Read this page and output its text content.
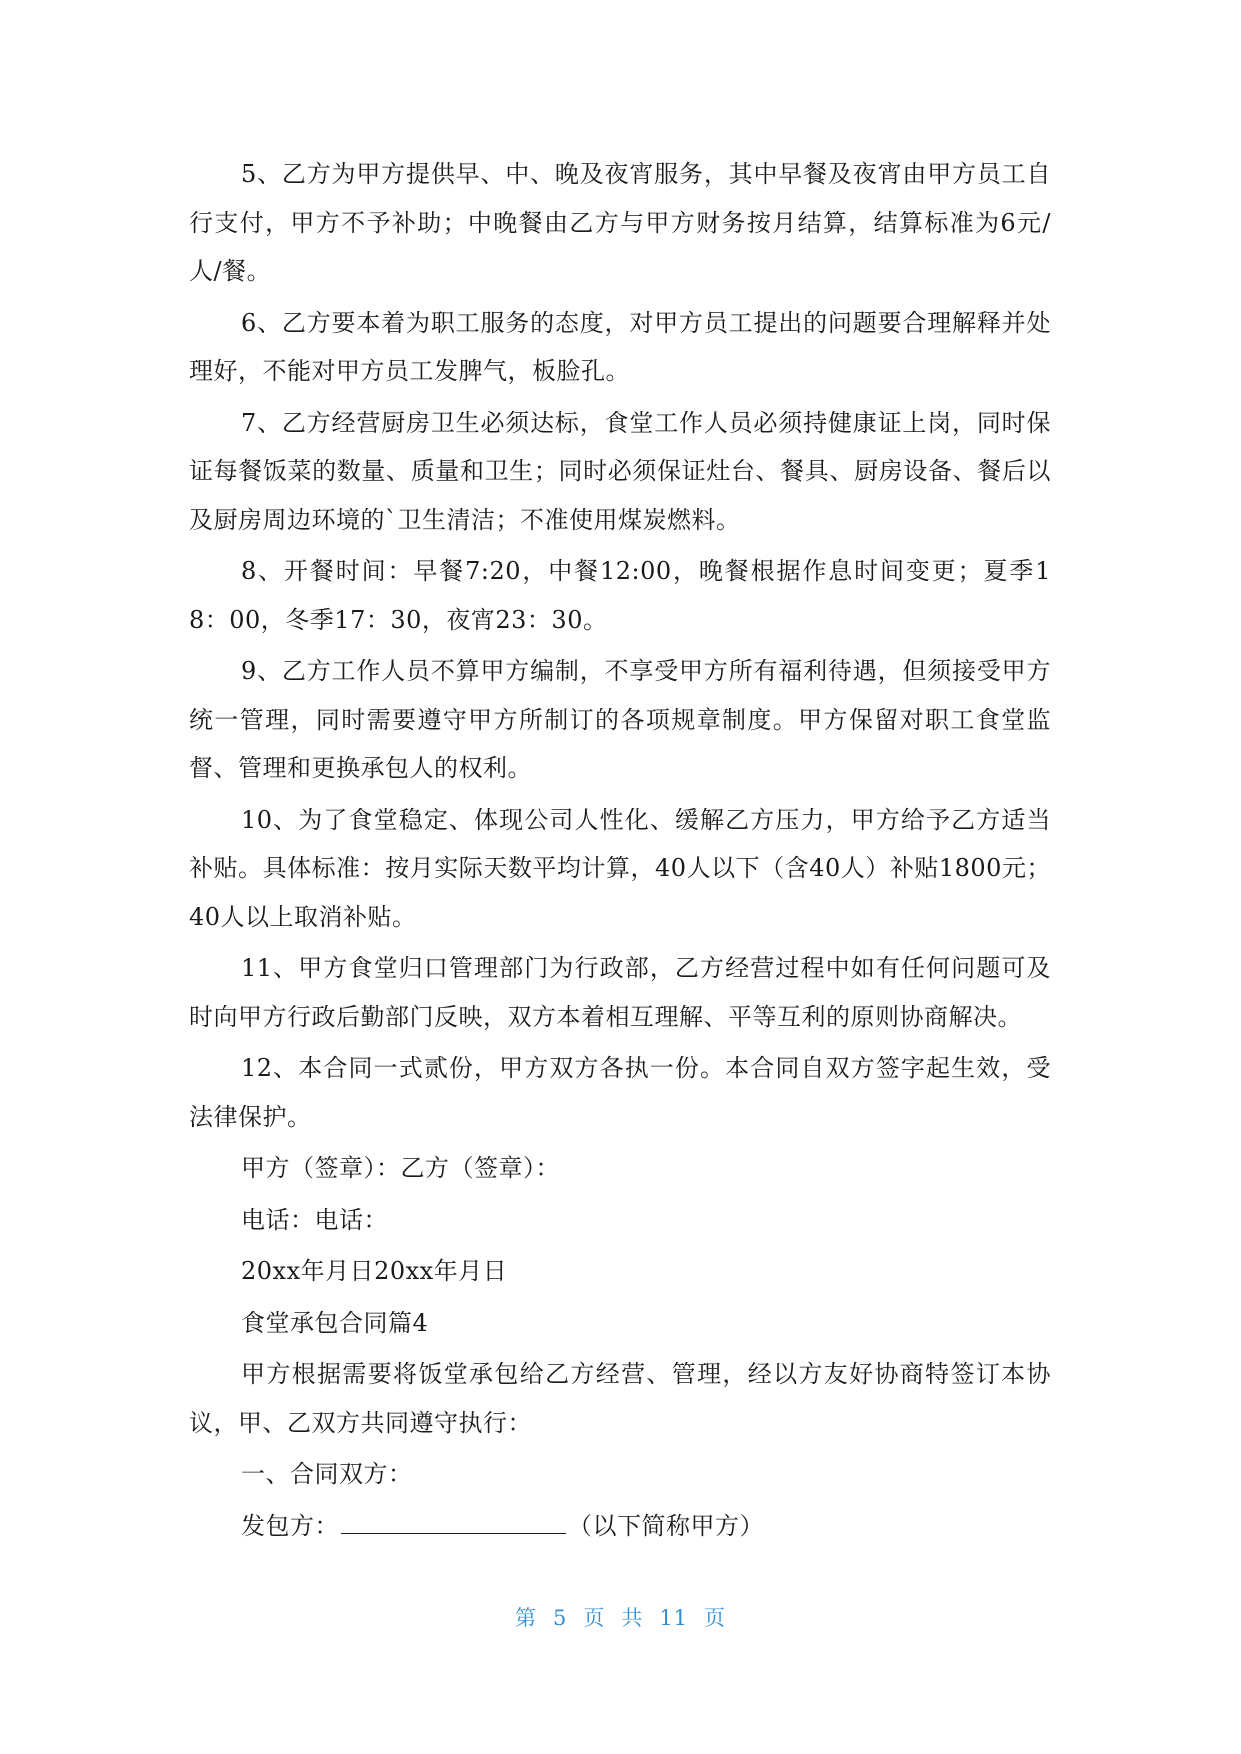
5、乙方为甲方提供早、中、晚及夜宵服务，其中早餐及夜宵由甲方员工自行支付，甲方不予补助；中晚餐由乙方与甲方财务按月结算，结算标准为6元/人/餐。

6、乙方要本着为职工服务的态度，对甲方员工提出的问题要合理解释并处理好，不能对甲方员工发脾气，板脸孔。

7、乙方经营厨房卫生必须达标，食堂工作人员必须持健康证上岗，同时保证每餐饭菜的数量、质量和卫生；同时必须保证灶台、餐具、厨房设备、餐后以及厨房周边环境的`卫生清洁；不准使用煤炭燃料。

8、开餐时间：早餐7:20，中餐12:00，晚餐根据作息时间变更；夏季18：00，冬季17：30，夜宵23：30。

9、乙方工作人员不算甲方编制，不享受甲方所有福利待遇，但须接受甲方统一管理，同时需要遵守甲方所制订的各项规章制度。甲方保留对职工食堂监督、管理和更换承包人的权利。

10、为了食堂稳定、体现公司人性化、缓解乙方压力，甲方给予乙方适当补贴。具体标准：按月实际天数平均计算，40人以下（含40人）补贴1800元；40人以上取消补贴。

11、甲方食堂归口管理部门为行政部，乙方经营过程中如有任何问题可及时向甲方行政后勤部门反映，双方本着相互理解、平等互利的原则协商解决。

12、本合同一式贰份，甲方双方各执一份。本合同自双方签字起生效，受法律保护。

甲方（签章）：乙方（签章）：

电话：电话：

20xx年月日20xx年月日

食堂承包合同篇4

甲方根据需要将饭堂承包给乙方经营、管理，经以方友好协商特签订本协议，甲、乙双方共同遵守执行：

一、合同双方：

发包方：	（以下简称甲方）

第 5 页 共 11 页
